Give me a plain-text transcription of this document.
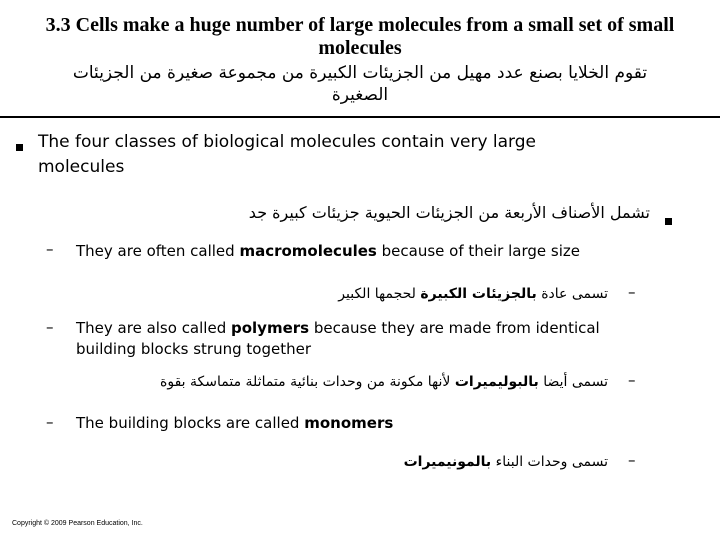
3.3 Cells make a huge number of large molecules from a small set of small molecules
تقوم الخلايا بصنع عدد مهيل من الجزيئات الكبيرة من مجموعة صغيرة من الجزيئات الصغيرة
The four classes of biological molecules contain very large
molecules
تشمل الأصناف الأربعة من الجزيئات الحيوية جزيئات كبيرة جد
– They are often called macromolecules because of their large size
–
تسمى عادة بالجزيئات الكبيرة لحجمها الكبير
– They are also called polymers because they are made from identical
building blocks strung together
–
تسمى أيضا بالبوليميرات لأنها مكونة من وحدات بنائية متماثلة متماسكة بقوة
– The building blocks are called monomers
–
تسمى وحدات البناء بالمونيميرات
Copyright © 2009 Pearson Education, Inc.
